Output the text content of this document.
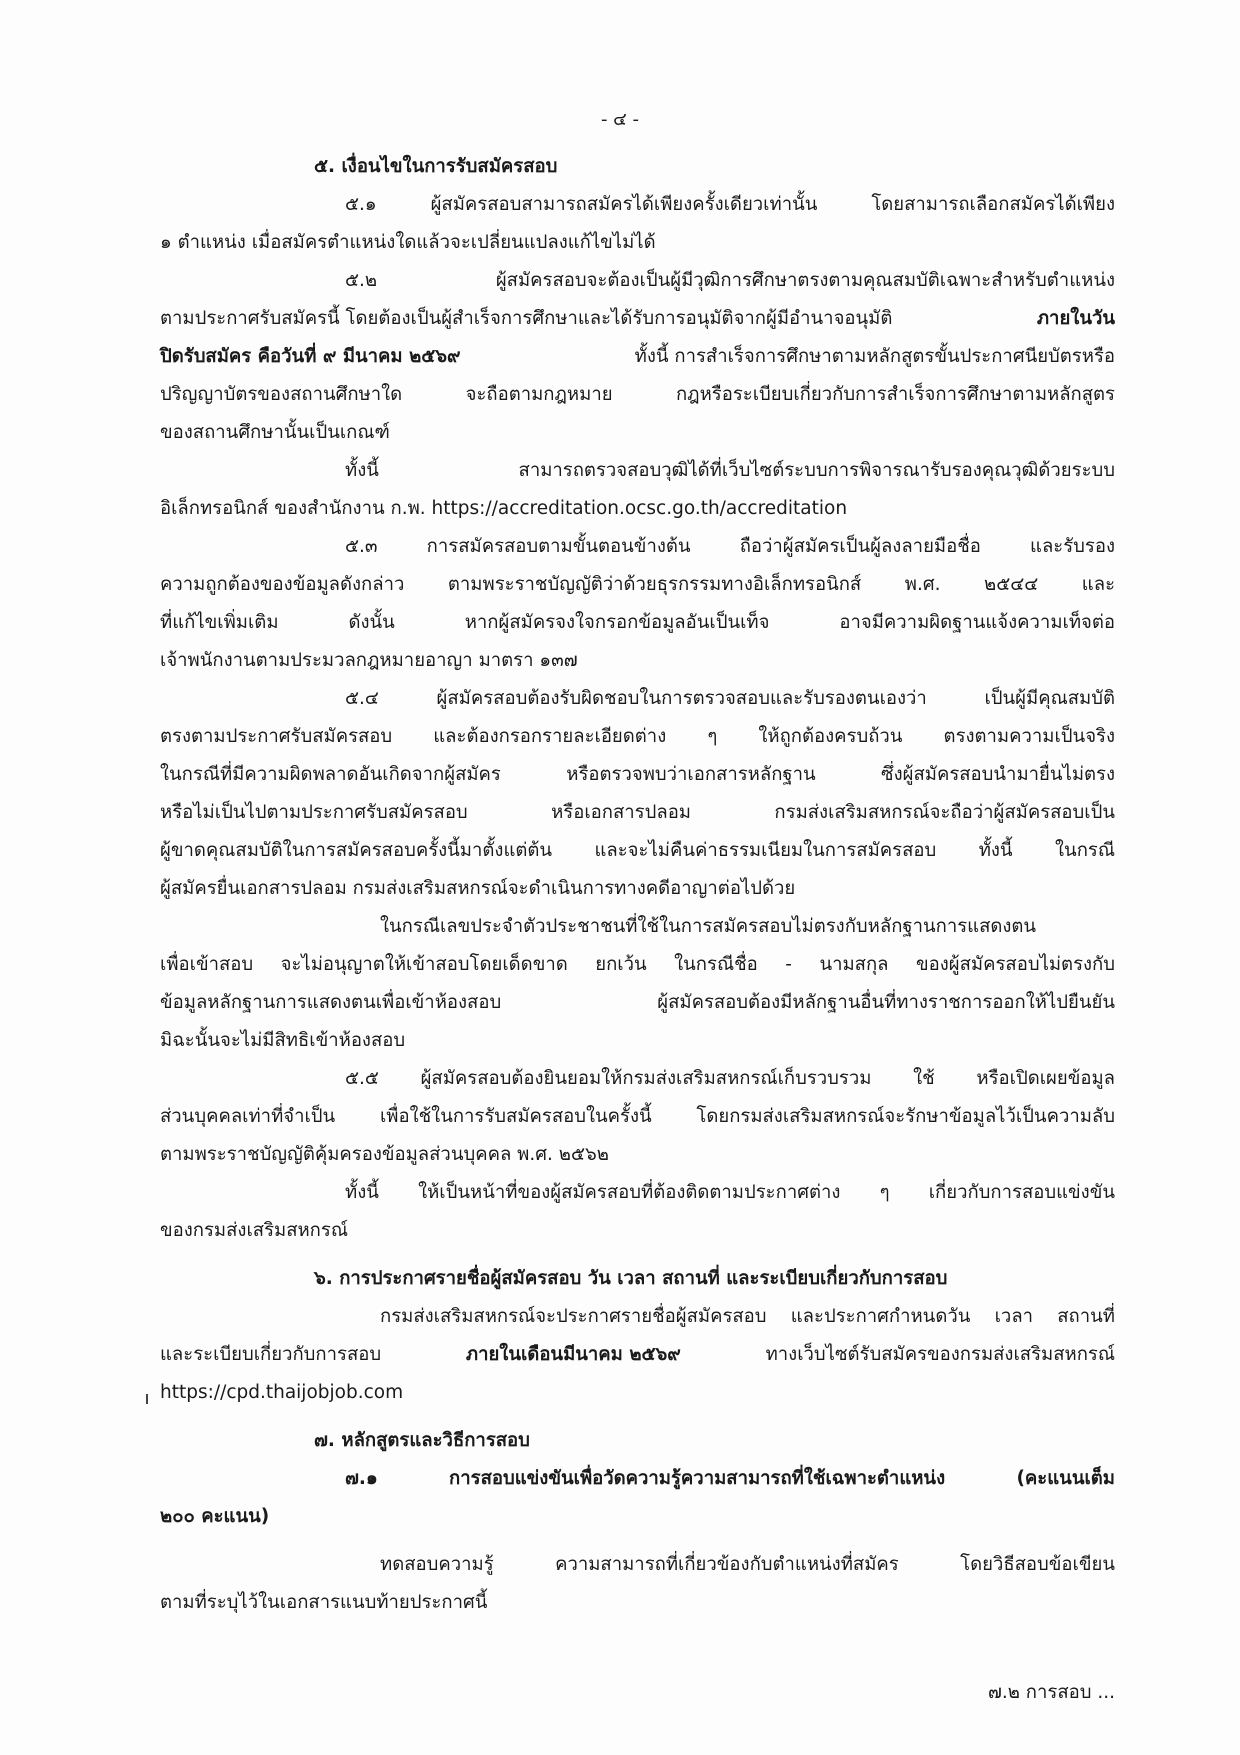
- ๔ -
๕. เงื่อนไขในการรับสมัครสอบ
๕.๑ ผู้สมัครสอบสามารถสมัครได้เพียงครั้งเดียวเท่านั้น โดยสามารถเลือกสมัครได้เพียง
๑ ตำแหน่ง เมื่อสมัครตำแหน่งใดแล้วจะเปลี่ยนแปลงแก้ไขไม่ได้
๕.๒ ผู้สมัครสอบจะต้องเป็นผู้มีวุฒิการศึกษาตรงตามคุณสมบัติเฉพาะสำหรับตำแหน่ง
ตามประกาศรับสมัครนี้ โดยต้องเป็นผู้สำเร็จการศึกษาและได้รับการอนุมัติจากผู้มีอำนาจอนุมัติ	ภายในวัน
ปิดรับสมัคร คือวันที่ ๙ มีนาคม ๒๕๖๙	ทั้งนี้ การสำเร็จการศึกษาตามหลักสูตรขั้นประกาศนียบัตรหรือ
ปริญญาบัตรของสถานศึกษาใด จะถือตามกฎหมาย กฎหรือระเบียบเกี่ยวกับการสำเร็จการศึกษาตามหลักสูตร
ของสถานศึกษานั้นเป็นเกณฑ์
ทั้งนี้ สามารถตรวจสอบวุฒิได้ที่เว็บไซต์ระบบการพิจารณารับรองคุณวุฒิด้วยระบบ
อิเล็กทรอนิกส์ ของสำนักงาน ก.พ. https://accreditation.ocsc.go.th/accreditation
๕.๓ การสมัครสอบตามขั้นตอนข้างต้น ถือว่าผู้สมัครเป็นผู้ลงลายมือชื่อ และรับรอง
ความถูกต้องของข้อมูลดังกล่าว ตามพระราชบัญญัติว่าด้วยธุรกรรมทางอิเล็กทรอนิกส์ พ.ศ. ๒๕๔๔ และ
ที่แก้ไขเพิ่มเติม ดังนั้น หากผู้สมัครจงใจกรอกข้อมูลอันเป็นเท็จ อาจมีความผิดฐานแจ้งความเท็จต่อ
เจ้าพนักงานตามประมวลกฎหมายอาญา มาตรา ๑๓๗
๕.๔ ผู้สมัครสอบต้องรับผิดชอบในการตรวจสอบและรับรองตนเองว่า เป็นผู้มีคุณสมบัติ
ตรงตามประกาศรับสมัครสอบ และต้องกรอกรายละเอียดต่าง ๆ ให้ถูกต้องครบถ้วน ตรงตามความเป็นจริง
ในกรณีที่มีความผิดพลาดอันเกิดจากผู้สมัคร หรือตรวจพบว่าเอกสารหลักฐาน ซึ่งผู้สมัครสอบนำมายื่นไม่ตรง
หรือไม่เป็นไปตามประกาศรับสมัครสอบ หรือเอกสารปลอม กรมส่งเสริมสหกรณ์จะถือว่าผู้สมัครสอบเป็น
ผู้ขาดคุณสมบัติในการสมัครสอบครั้งนี้มาตั้งแต่ต้น และจะไม่คืนค่าธรรมเนียมในการสมัครสอบ ทั้งนี้ ในกรณี
ผู้สมัครยื่นเอกสารปลอม กรมส่งเสริมสหกรณ์จะดำเนินการทางคดีอาญาต่อไปด้วย
ในกรณีเลขประจำตัวประชาชนที่ใช้ในการสมัครสอบไม่ตรงกับหลักฐานการแสดงตน
เพื่อเข้าสอบ จะไม่อนุญาตให้เข้าสอบโดยเด็ดขาด ยกเว้น ในกรณีชื่อ - นามสกุล ของผู้สมัครสอบไม่ตรงกับ
ข้อมูลหลักฐานการแสดงตนเพื่อเข้าห้องสอบ ผู้สมัครสอบต้องมีหลักฐานอื่นที่ทางราชการออกให้ไปยืนยัน
มิฉะนั้นจะไม่มีสิทธิเข้าห้องสอบ
๕.๕ ผู้สมัครสอบต้องยินยอมให้กรมส่งเสริมสหกรณ์เก็บรวบรวม ใช้ หรือเปิดเผยข้อมูล
ส่วนบุคคลเท่าที่จำเป็น เพื่อใช้ในการรับสมัครสอบในครั้งนี้ โดยกรมส่งเสริมสหกรณ์จะรักษาข้อมูลไว้เป็นความลับ
ตามพระราชบัญญัติคุ้มครองข้อมูลส่วนบุคคล พ.ศ. ๒๕๖๒
ทั้งนี้ ให้เป็นหน้าที่ของผู้สมัครสอบที่ต้องติดตามประกาศต่าง ๆ เกี่ยวกับการสอบแข่งขัน
ของกรมส่งเสริมสหกรณ์
๖. การประกาศรายชื่อผู้สมัครสอบ วัน เวลา สถานที่ และระเบียบเกี่ยวกับการสอบ
กรมส่งเสริมสหกรณ์จะประกาศรายชื่อผู้สมัครสอบ และประกาศกำหนดวัน เวลา สถานที่
และระเบียบเกี่ยวกับการสอบ	ภายในเดือนมีนาคม ๒๕๖๙	ทางเว็บไซต์รับสมัครของกรมส่งเสริมสหกรณ์
https://cpd.thaijobjob.com
๗. หลักสูตรและวิธีการสอบ
๗.๑ การสอบแข่งขันเพื่อวัดความรู้ความสามารถที่ใช้เฉพาะตำแหน่ง (คะแนนเต็ม
๒๐๐ คะแนน)
ทดสอบความรู้ ความสามารถที่เกี่ยวข้องกับตำแหน่งที่สมัคร โดยวิธีสอบข้อเขียน
ตามที่ระบุไว้ในเอกสารแนบท้ายประกาศนี้
๗.๒ การสอบ ...
